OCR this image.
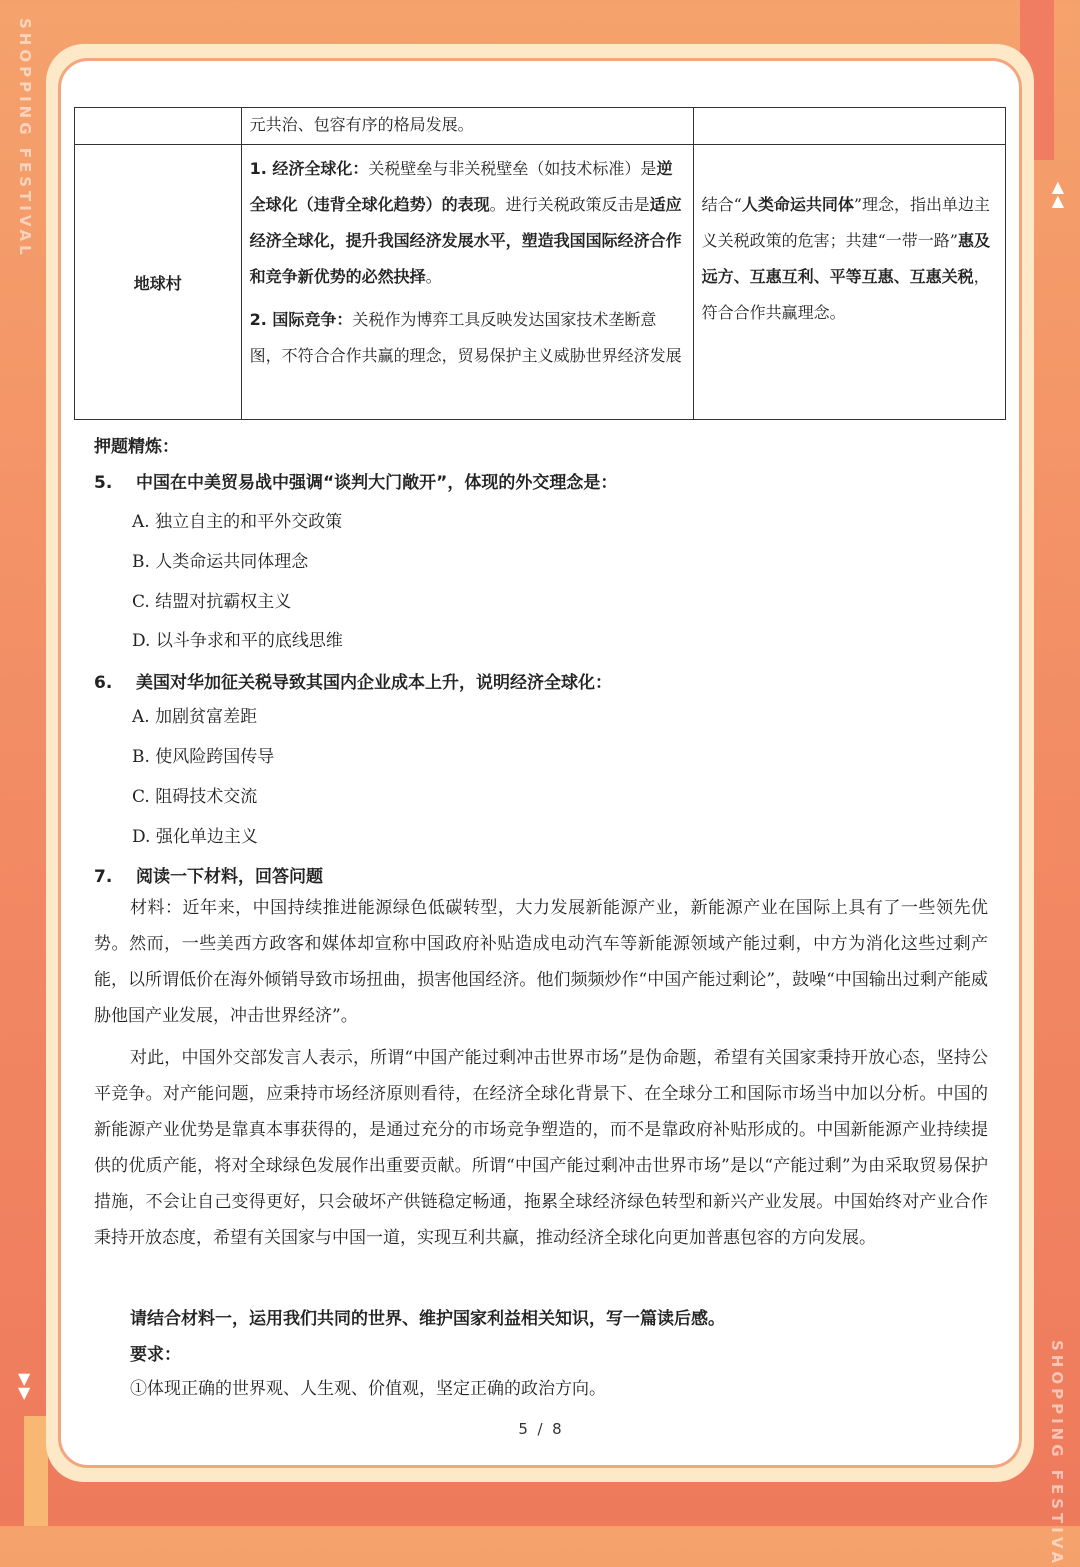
SHOPPING FESTIVAL
SHOPPING FESTIVA
▲
▲
▼
▼

	元共治、包容有序的格局发展。	

地球村	1. 经济全球化：关税壁垒与非关税壁垒（如技术标准）是逆全球化（违背全球化趋势）的表现。进行关税政策反击是适应经济全球化，提升我国经济发展水平，塑造我国国际经济合作和竞争新优势的必然抉择。
2. 国际竞争：关税作为博弈工具反映发达国家技术垄断意图，不符合合作共赢的理念，贸易保护主义威胁世界经济发展	结合“人类命运共同体”理念，指出单边主义关税政策的危害；共建“一带一路”惠及远方、互惠互利、平等互惠、互惠关税，符合合作共赢理念。
押题精炼：
5. 中国在中美贸易战中强调“谈判大门敞开”，体现的外交理念是：
A. 独立自主的和平外交政策
B. 人类命运共同体理念
C. 结盟对抗霸权主义
D. 以斗争求和平的底线思维
6. 美国对华加征关税导致其国内企业成本上升，说明经济全球化：
A. 加剧贫富差距
B. 使风险跨国传导
C. 阻碍技术交流
D. 强化单边主义
7. 阅读一下材料，回答问题
材料：近年来，中国持续推进能源绿色低碳转型，大力发展新能源产业，新能源产业在国际上具有了一些领先优势。然而，一些美西方政客和媒体却宣称中国政府补贴造成电动汽车等新能源领域产能过剩，中方为消化这些过剩产能，以所谓低价在海外倾销导致市场扭曲，损害他国经济。他们频频炒作“中国产能过剩论”，鼓噪“中国输出过剩产能威胁他国产业发展，冲击世界经济”。
对此，中国外交部发言人表示，所谓“中国产能过剩冲击世界市场”是伪命题，希望有关国家秉持开放心态，坚持公平竞争。对产能问题，应秉持市场经济原则看待，在经济全球化背景下、在全球分工和国际市场当中加以分析。中国的新能源产业优势是靠真本事获得的，是通过充分的市场竞争塑造的，而不是靠政府补贴形成的。中国新能源产业持续提供的优质产能，将对全球绿色发展作出重要贡献。所谓“中国产能过剩冲击世界市场”是以“产能过剩”为由采取贸易保护措施，不会让自己变得更好，只会破坏产供链稳定畅通，拖累全球经济绿色转型和新兴产业发展。中国始终对产业合作秉持开放态度，希望有关国家与中国一道，实现互利共赢，推动经济全球化向更加普惠包容的方向发展。
请结合材料一，运用我们共同的世界、维护国家利益相关知识，写一篇读后感。
要求：
①体现正确的世界观、人生观、价值观，坚定正确的政治方向。
5 / 8
